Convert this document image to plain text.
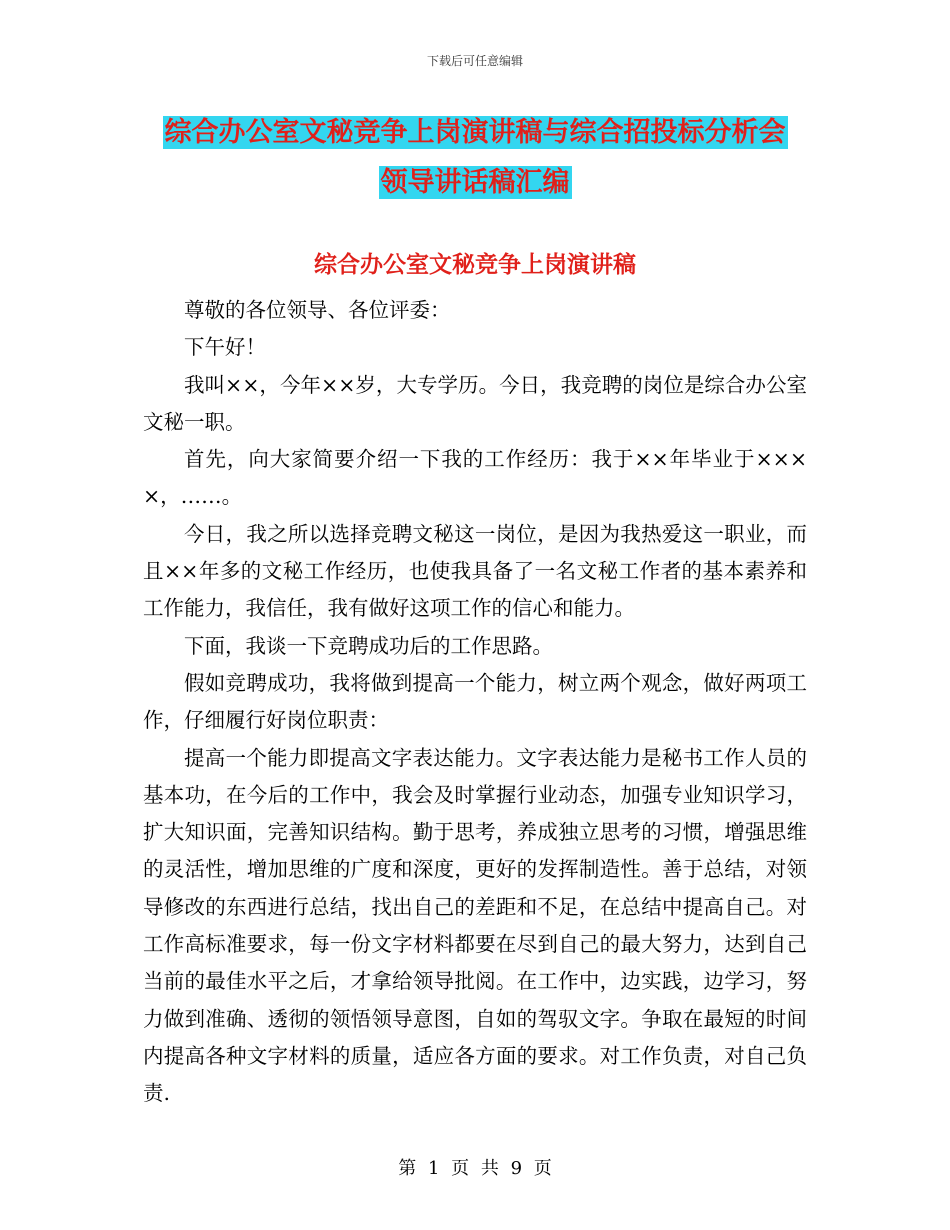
下载后可任意编辑
综合办公室文秘竞争上岗演讲稿与综合招投标分析会
领导讲话稿汇编
综合办公室文秘竞争上岗演讲稿

尊敬的各位领导、各位评委：

下午好！

我叫××，今年××岁，大专学历。今日，我竞聘的岗位是综合办公室文秘一职。

首先，向大家简要介绍一下我的工作经历：我于××年毕业于××××，……。

今日，我之所以选择竞聘文秘这一岗位，是因为我热爱这一职业，而且××年多的文秘工作经历，也使我具备了一名文秘工作者的基本素养和工作能力，我信任，我有做好这项工作的信心和能力。

下面，我谈一下竞聘成功后的工作思路。

假如竞聘成功，我将做到提高一个能力，树立两个观念，做好两项工作，仔细履行好岗位职责：

提高一个能力即提高文字表达能力。文字表达能力是秘书工作人员的基本功，在今后的工作中，我会及时掌握行业动态，加强专业知识学习，扩大知识面，完善知识结构。勤于思考，养成独立思考的习惯，增强思维的灵活性，增加思维的广度和深度，更好的发挥制造性。善于总结，对领导修改的东西进行总结，找出自己的差距和不足，在总结中提高自己。对工作高标准要求，每一份文字材料都要在尽到自己的最大努力，达到自己当前的最佳水平之后，才拿给领导批阅。在工作中，边实践，边学习，努力做到准确、透彻的领悟领导意图，自如的驾驭文字。争取在最短的时间内提高各种文字材料的质量，适应各方面的要求。对工作负责，对自己负责.

第 1 页 共 9 页
